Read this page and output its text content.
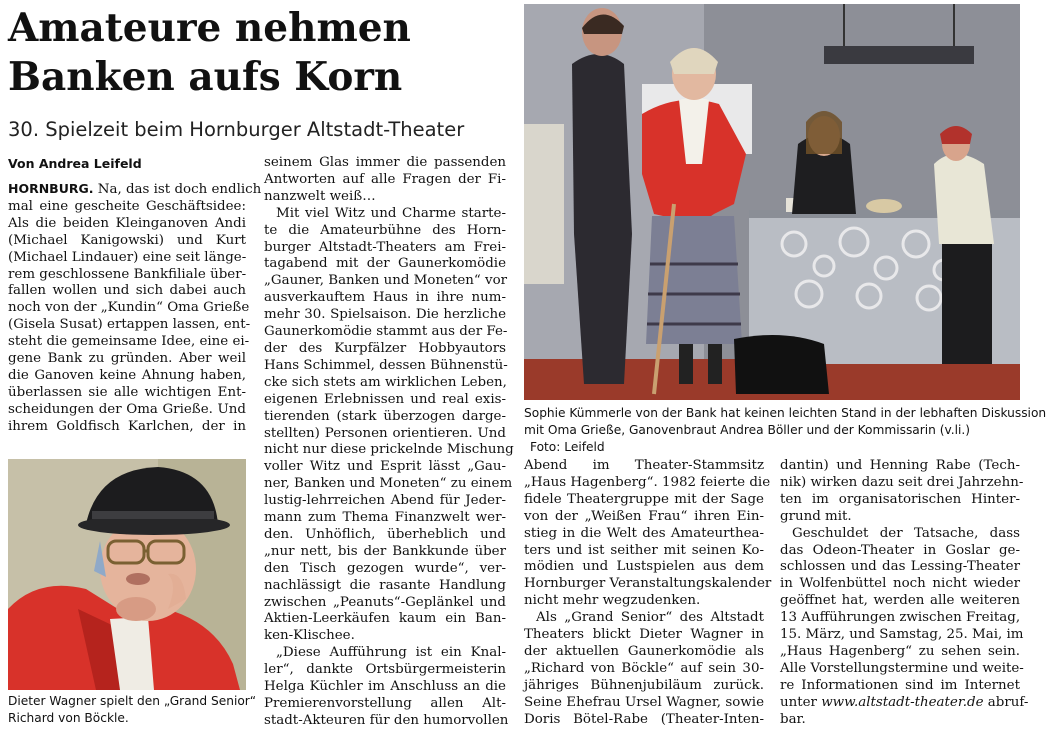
Amateure nehmen
Banken aufs Korn
30. Spielzeit beim Hornburger Altstadt-Theater
Von Andrea Leifeld
HORNBURG. Na, das ist doch endlich
mal eine gescheite Geschäftsidee:
Als die beiden Kleinganoven Andi
(Michael Kanigowski) und Kurt
(Michael Lindauer) eine seit länge-
rem geschlossene Bankfiliale über-
fallen wollen und sich dabei auch
noch von der „Kundin“ Oma Grieße
(Gisela Susat) ertappen lassen, ent-
steht die gemeinsame Idee, eine ei-
gene Bank zu gründen. Aber weil
die Ganoven keine Ahnung haben,
überlassen sie alle wichtigen Ent-
scheidungen der Oma Grieße. Und
ihrem Goldfisch Karlchen, der in
Dieter Wagner spielt den „Grand Senior“
Richard von Böckle.
seinem Glas immer die passenden
Antworten auf alle Fragen der Fi-
nanzwelt weiß…
Mit viel Witz und Charme starte-
te die Amateurbühne des Horn-
burger Altstadt-Theaters am Frei-
tagabend mit der Gaunerkomödie
„Gauner, Banken und Moneten“ vor
ausverkauftem Haus in ihre num-
mehr 30. Spielsaison. Die herzliche
Gaunerkomödie stammt aus der Fe-
der des Kurpfälzer Hobbyautors
Hans Schimmel, dessen Bühnenstü-
cke sich stets am wirklichen Leben,
eigenen Erlebnissen und real exis-
tierenden (stark überzogen darge-
stellten) Personen orientieren. Und
nicht nur diese prickelnde Mischung
voller Witz und Esprit lässt „Gau-
ner, Banken und Moneten“ zu einem
lustig-lehrreichen Abend für Jeder-
mann zum Thema Finanzwelt wer-
den. Unhöflich, überheblich und
„nur nett, bis der Bankkunde über
den Tisch gezogen wurde“, ver-
nachlässigt die rasante Handlung
zwischen „Peanuts“-Geplänkel und
Aktien-Leerkäufen kaum ein Ban-
ken-Klischee.
„Diese Aufführung ist ein Knal-
ler“, dankte Ortsbürgermeisterin
Helga Küchler im Anschluss an die
Premierenvorstellung allen Alt-
stadt-Akteuren für den humorvollen
Sophie Kümmerle von der Bank hat keinen leichten Stand in der lebhaften Diskussion
mit Oma Grieße, Ganovenbraut Andrea Böller und der Kommissarin (v.li.)
Foto: Leifeld
Abend im Theater-Stammsitz
„Haus Hagenberg“. 1982 feierte die
fidele Theatergruppe mit der Sage
von der „Weißen Frau“ ihren Ein-
stieg in die Welt des Amateurthea-
ters und ist seither mit seinen Ko-
mödien und Lustspielen aus dem
Hornburger Veranstaltungskalender
nicht mehr wegzudenken.
Als „Grand Senior“ des Altstadt
Theaters blickt Dieter Wagner in
der aktuellen Gaunerkomödie als
„Richard von Böckle“ auf sein 30-
jähriges Bühnenjubiläum zurück.
Seine Ehefrau Ursel Wagner, sowie
Doris Bötel-Rabe (Theater-Inten-
dantin) und Henning Rabe (Tech-
nik) wirken dazu seit drei Jahrzehn-
ten im organisatorischen Hinter-
grund mit.
Geschuldet der Tatsache, dass
das Odeon-Theater in Goslar ge-
schlossen und das Lessing-Theater
in Wolfenbüttel noch nicht wieder
geöffnet hat, werden alle weiteren
13 Aufführungen zwischen Freitag,
15. März, und Samstag, 25. Mai, im
„Haus Hagenberg“ zu sehen sein.
Alle Vorstellungstermine und weite-
re Informationen sind im Internet
unter www.altstadt-theater.de abruf-
bar.
